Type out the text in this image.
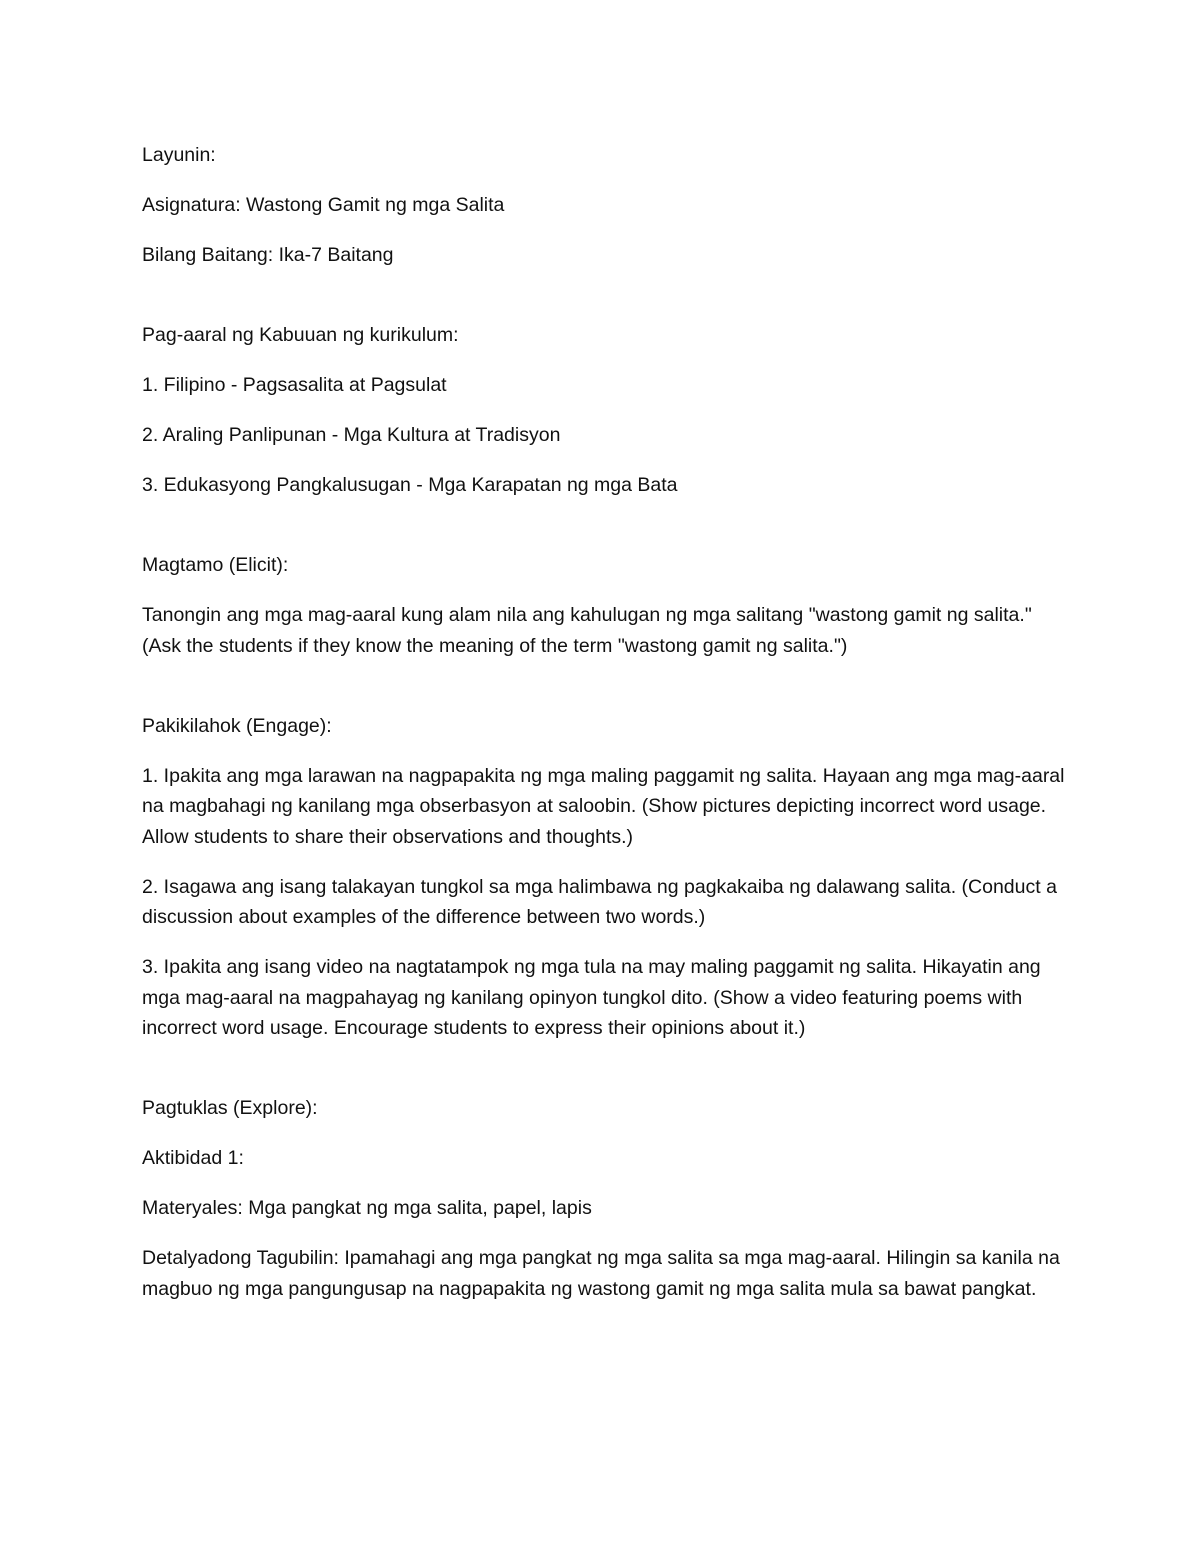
Layunin:

Asignatura: Wastong Gamit ng mga Salita

Bilang Baitang: Ika-7 Baitang

Pag-aaral ng Kabuuan ng kurikulum:

1. Filipino - Pagsasalita at Pagsulat

2. Araling Panlipunan - Mga Kultura at Tradisyon

3. Edukasyong Pangkalusugan - Mga Karapatan ng mga Bata

Magtamo (Elicit):

Tanongin ang mga mag-aaral kung alam nila ang kahulugan ng mga salitang "wastong gamit ng salita." (Ask the students if they know the meaning of the term "wastong gamit ng salita.")

Pakikilahok (Engage):

1. Ipakita ang mga larawan na nagpapakita ng mga maling paggamit ng salita. Hayaan ang mga mag-aaral na magbahagi ng kanilang mga obserbasyon at saloobin. (Show pictures depicting incorrect word usage. Allow students to share their observations and thoughts.)

2. Isagawa ang isang talakayan tungkol sa mga halimbawa ng pagkakaiba ng dalawang salita. (Conduct a discussion about examples of the difference between two words.)

3. Ipakita ang isang video na nagtatampok ng mga tula na may maling paggamit ng salita. Hikayatin ang mga mag-aaral na magpahayag ng kanilang opinyon tungkol dito. (Show a video featuring poems with incorrect word usage. Encourage students to express their opinions about it.)

Pagtuklas (Explore):

Aktibidad 1:

Materyales: Mga pangkat ng mga salita, papel, lapis

Detalyadong Tagubilin: Ipamahagi ang mga pangkat ng mga salita sa mga mag-aaral. Hilingin sa kanila na magbuo ng mga pangungusap na nagpapakita ng wastong gamit ng mga salita mula sa bawat pangkat.
